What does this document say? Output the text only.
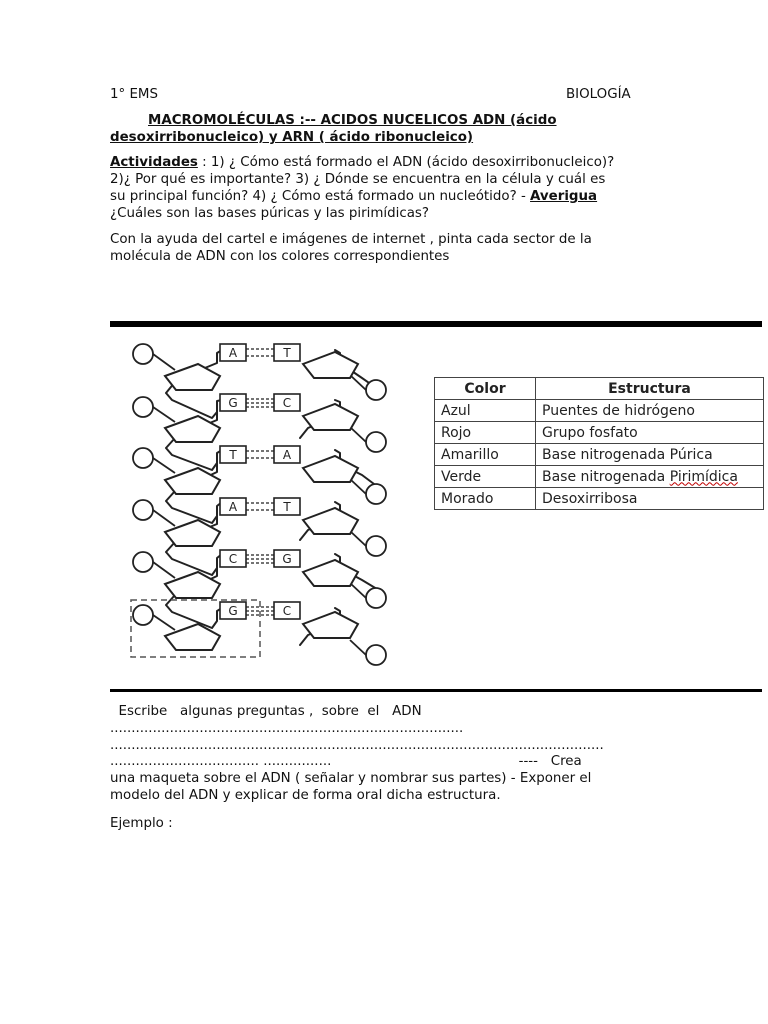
1° EMS	BIOLOGÍA
MACROMOLÉCULAS :-- ACIDOS NUCELICOS ADN (ácido
desoxirribonucleico) y ARN ( ácido ribonucleico)
Actividades : 1) ¿ Cómo está formado el ADN (ácido desoxirribonucleico)?
2)¿ Por qué es importante? 3) ¿ Dónde se encuentra en la célula y cuál es
su principal función? 4) ¿ Cómo está formado un nucleótido? - Averigua
¿Cuáles son las bases púricas y las pirimídicas?
Con la ayuda del cartel e imágenes de internet , pinta cada sector de la
molécula de ADN con los colores correspondientes
A	T
G	C
T	A
A	T
C	G
G	C
Color	Estructura
Azul	Puentes de hidrógeno
Rojo	Grupo fosfato
Amarillo	Base nitrogenada Púrica
Verde	Base nitrogenada Pirimídica
Morado	Desoxirribosa
Escribe   algunas preguntas ,  sobre  el   ADN
...................................................................................
....................................................................................................................
................................... ................                                            ----   Crea
una maqueta sobre el ADN ( señalar y nombrar sus partes) - Exponer el
modelo del ADN y explicar de forma oral dicha estructura.
Ejemplo :
